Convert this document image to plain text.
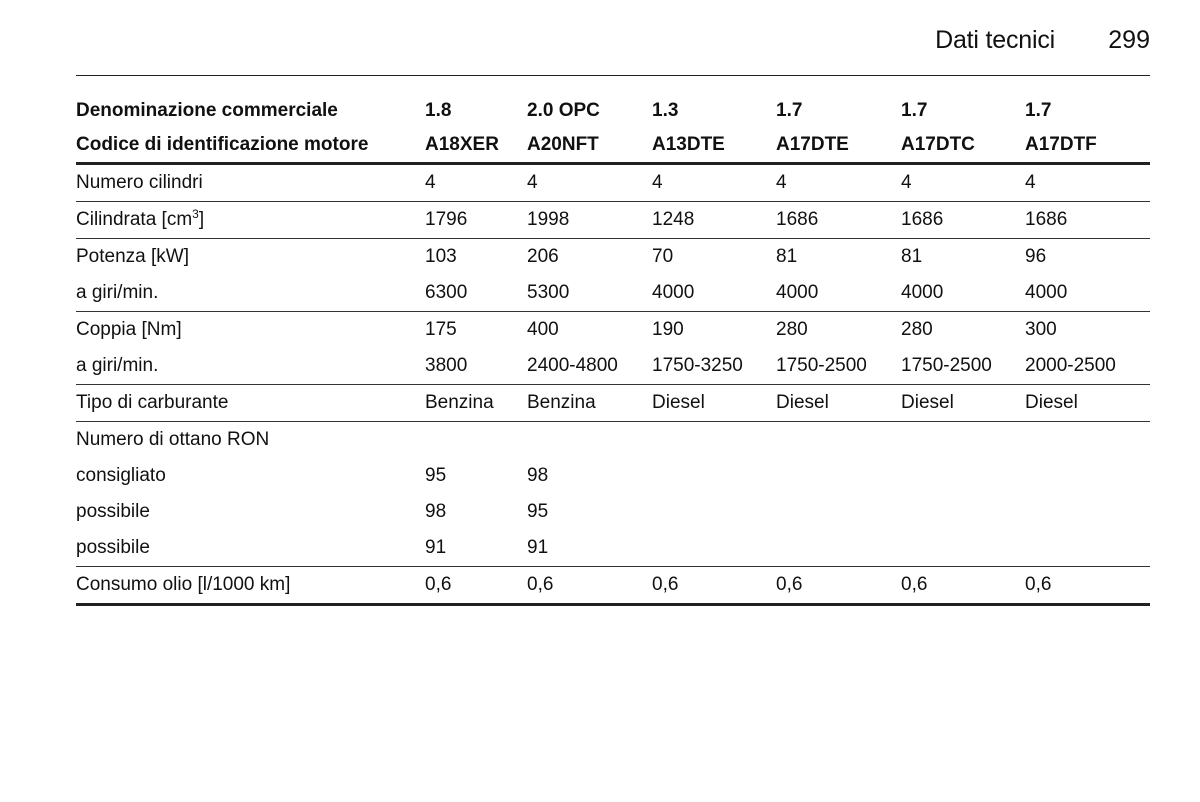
Dati tecnici 299
Denominazione commerciale	1.8	2.0 OPC	1.3	1.7	1.7	1.7
Codice di identificazione motore	A18XER	A20NFT	A13DTE	A17DTE	A17DTC	A17DTF
Numero cilindri	4	4	4	4	4	4
Cilindrata $[cm^3]$	1796	1998	1248	1686	1686	1686
Potenza [kW]	103	206	70	81	81	96
a giri/min.	6300	5300	4000	4000	4000	4000
Coppia [Nm]	175	400	190	280	280	300
a giri/min.	3800	2400-4800	1750-3250	1750-2500	1750-2500	2000-2500
Tipo di carburante	Benzina	Benzina	Diesel	Diesel	Diesel	Diesel
Numero di ottano RON						
consigliato	95	98				
possibile	98	95				
possibile	91	91				
Consumo olio [l/1000 km]	0,6	0,6	0,6	0,6	0,6	0,6
